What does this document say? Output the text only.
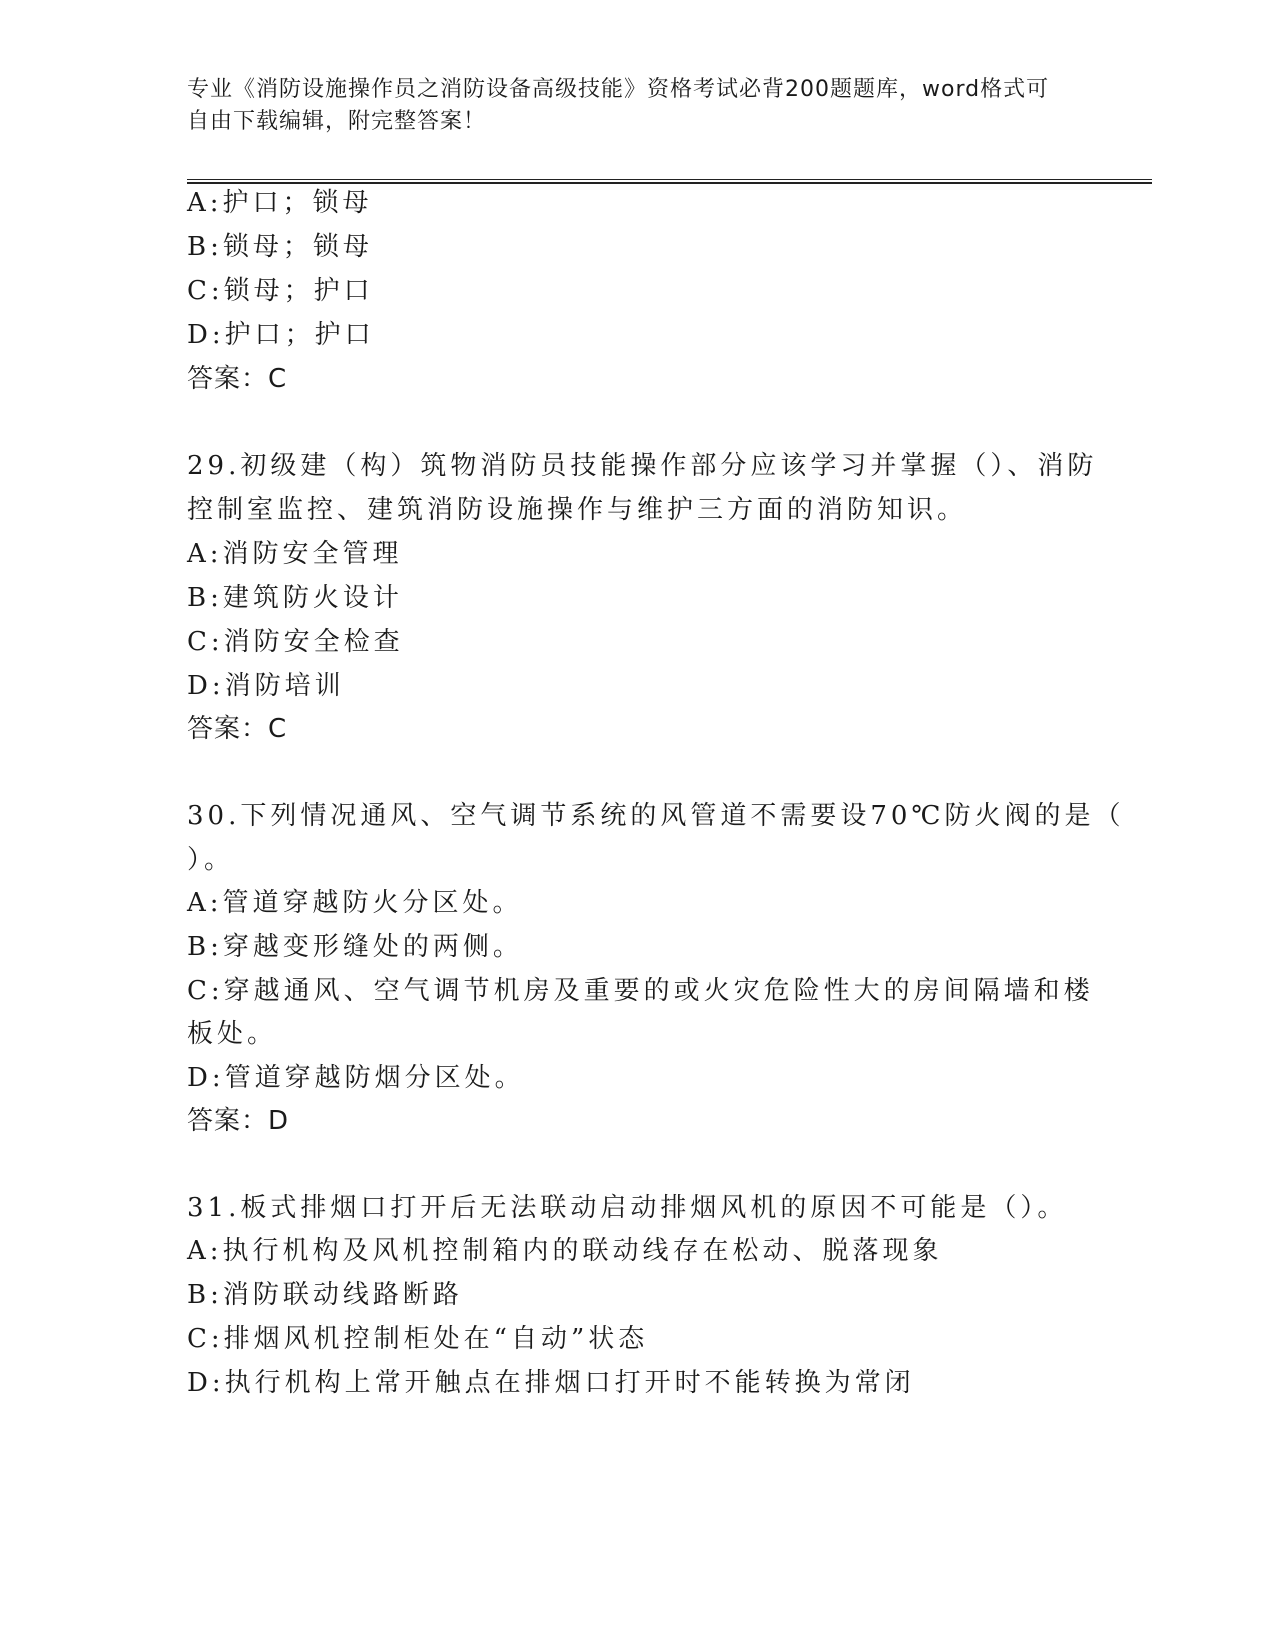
专业《消防设施操作员之消防设备高级技能》资格考试必背200题题库，word格式可自由下载编辑，附完整答案！
A:护口；锁母
B:锁母；锁母
C:锁母；护口
D:护口；护口
答案：C
29.初级建（构）筑物消防员技能操作部分应该学习并掌握（）、消防
控制室监控、建筑消防设施操作与维护三方面的消防知识。
A:消防安全管理
B:建筑防火设计
C:消防安全检查
D:消防培训
答案：C
30.下列情况通风、空气调节系统的风管道不需要设70℃防火阀的是（
）。
A:管道穿越防火分区处。
B:穿越变形缝处的两侧。
C:穿越通风、空气调节机房及重要的或火灾危险性大的房间隔墙和楼
板处。
D:管道穿越防烟分区处。
答案：D
31.板式排烟口打开后无法联动启动排烟风机的原因不可能是（）。
A:执行机构及风机控制箱内的联动线存在松动、脱落现象
B:消防联动线路断路
C:排烟风机控制柜处在“自动”状态
D:执行机构上常开触点在排烟口打开时不能转换为常闭
